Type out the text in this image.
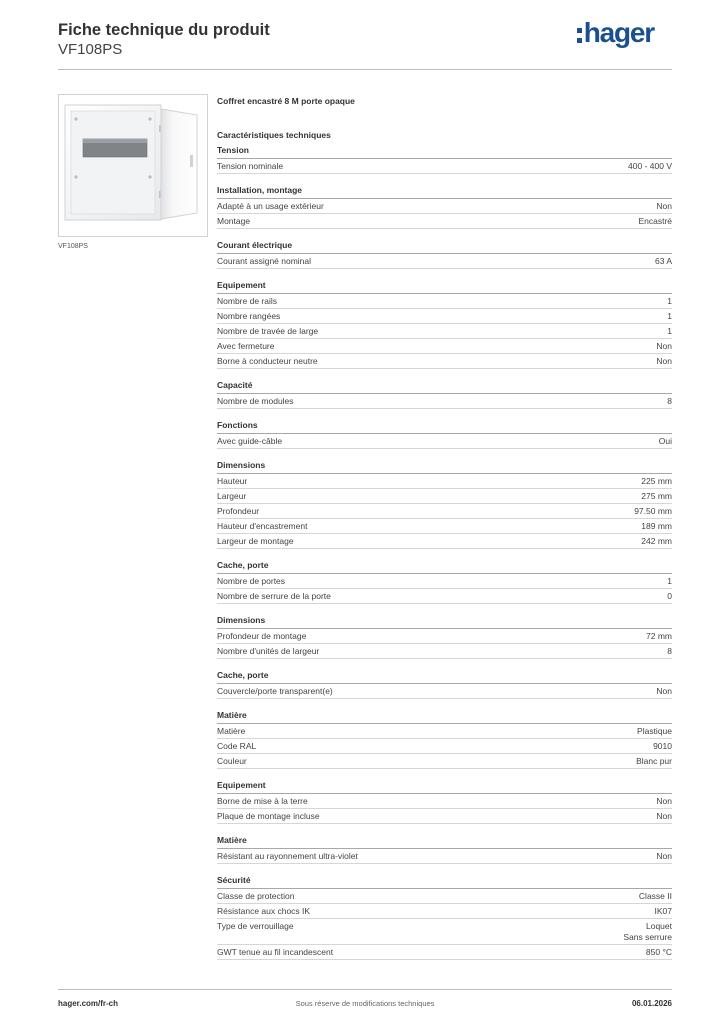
Fiche technique du produit
VF108PS
hager
VF108PS
Coffret encastré 8 M porte opaque
Caractéristiques techniques
Tension
Tension nominale	400 - 400 V
Installation, montage
Adapté à un usage extérieur	Non
Montage	Encastré
Courant électrique
Courant assigné nominal	63 A
Equipement
Nombre de rails	1
Nombre rangées	1
Nombre de travée de large	1
Avec fermeture	Non
Borne à conducteur neutre	Non
Capacité
Nombre de modules	8
Fonctions
Avec guide-câble	Oui
Dimensions
Hauteur	225 mm
Largeur	275 mm
Profondeur	97.50 mm
Hauteur d'encastrement	189 mm
Largeur de montage	242 mm
Cache, porte
Nombre de portes	1
Nombre de serrure de la porte	0
Dimensions
Profondeur de montage	72 mm
Nombre d'unités de largeur	8
Cache, porte
Couvercle/porte transparent(e)	Non
Matière
Matière	Plastique
Code RAL	9010
Couleur	Blanc pur
Equipement
Borne de mise à la terre	Non
Plaque de montage incluse	Non
Matière
Résistant au rayonnement ultra-violet	Non
Sécurité
Classe de protection	Classe II
Résistance aux chocs IK	IK07
Type de verrouillage	Loquet
Sans serrure
GWT tenue au fil incandescent	850 °C
hager.com/fr-ch	Sous réserve de modifications techniques	06.01.2026
